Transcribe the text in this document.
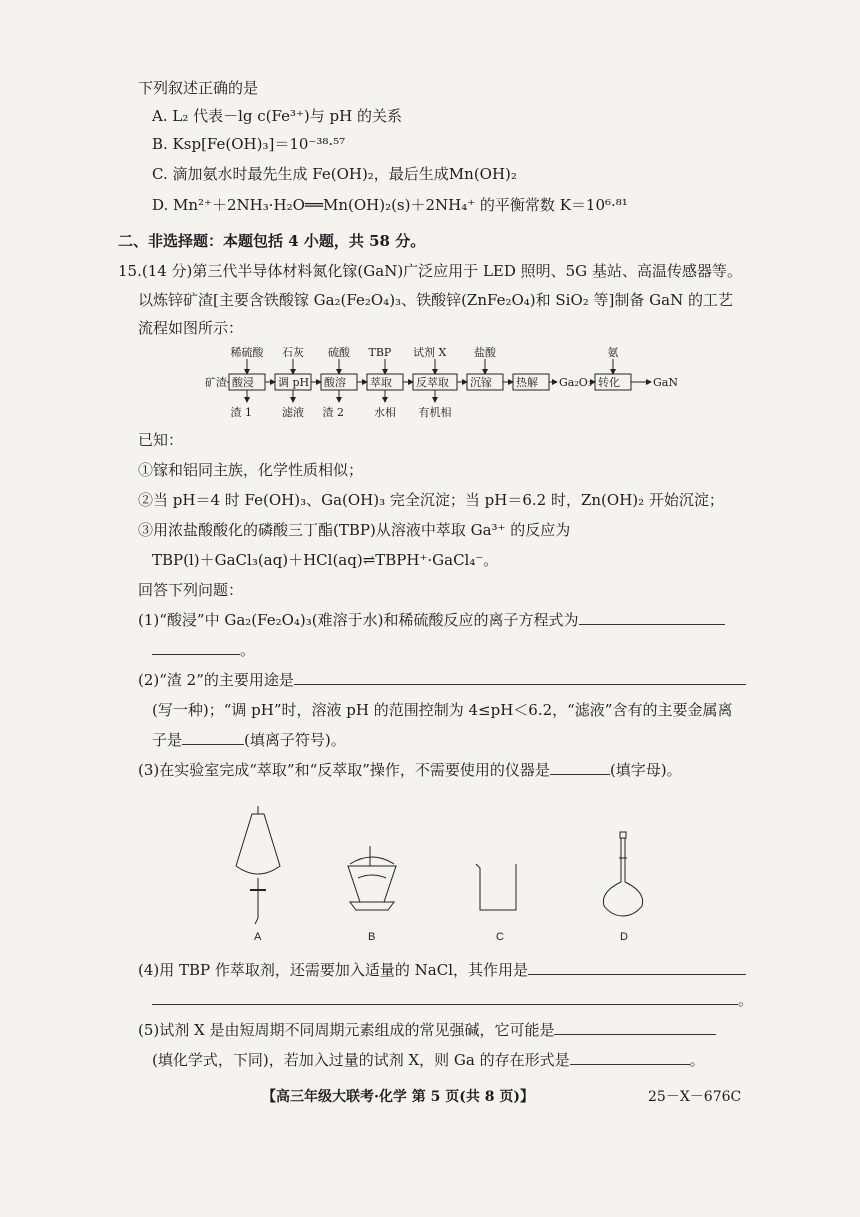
下列叙述正确的是
A. L₂ 代表－lg c(Fe³⁺)与 pH 的关系
B. Ksp[Fe(OH)₃]＝10⁻³⁸·⁵⁷
C. 滴加氨水时最先生成 Fe(OH)₂，最后生成Mn(OH)₂
D. Mn²⁺＋2NH₃·H₂O══Mn(OH)₂(s)＋2NH₄⁺ 的平衡常数 K＝10⁶·⁸¹
二、非选择题：本题包括 4 小题，共 58 分。
15.(14 分)第三代半导体材料氮化镓(GaN)广泛应用于 LED 照明、5G 基站、高温传感器等。
以炼锌矿渣[主要含铁酸镓 Ga₂(Fe₂O₄)₃、铁酸锌(ZnFe₂O₄)和 SiO₂ 等]制备 GaN 的工艺
流程如图所示：
矿渣 酸浸 调 pH 酸溶 萃取 反萃取 沉镓 热解 Ga₂O₃ 转化
稀硫酸 石灰 硫酸 TBP 试剂 X	盐酸	氨
渣 1	滤液 渣 2	水相 有机相
GaN
已知：
①镓和铝同主族，化学性质相似；
②当 pH＝4 时 Fe(OH)₃、Ga(OH)₃ 完全沉淀；当 pH＝6.2 时，Zn(OH)₂ 开始沉淀；
③用浓盐酸酸化的磷酸三丁酯(TBP)从溶液中萃取 Ga³⁺ 的反应为
TBP(l)＋GaCl₃(aq)＋HCl(aq)⇌TBPH⁺·GaCl₄⁻。
回答下列问题：
(1)“酸浸”中 Ga₂(Fe₂O₄)₃(难溶于水)和稀硫酸反应的离子方程式为
。
(2)“渣 2”的主要用途是
(写一种)；“调 pH”时，溶液 pH 的范围控制为 4≤pH＜6.2，“滤液”含有的主要金属离
子是	(填离子符号)。
(3)在实验室完成“萃取”和“反萃取”操作，不需要使用的仪器是	(填字母)。
A	B	C	D
(4)用 TBP 作萃取剂，还需要加入适量的 NaCl，其作用是
。
(5)试剂 X 是由短周期不同周期元素组成的常见强碱，它可能是
(填化学式，下同)，若加入过量的试剂 X，则 Ga 的存在形式是	。
【高三年级大联考·化学 第 5 页(共 8 页)】	25－X－676C
